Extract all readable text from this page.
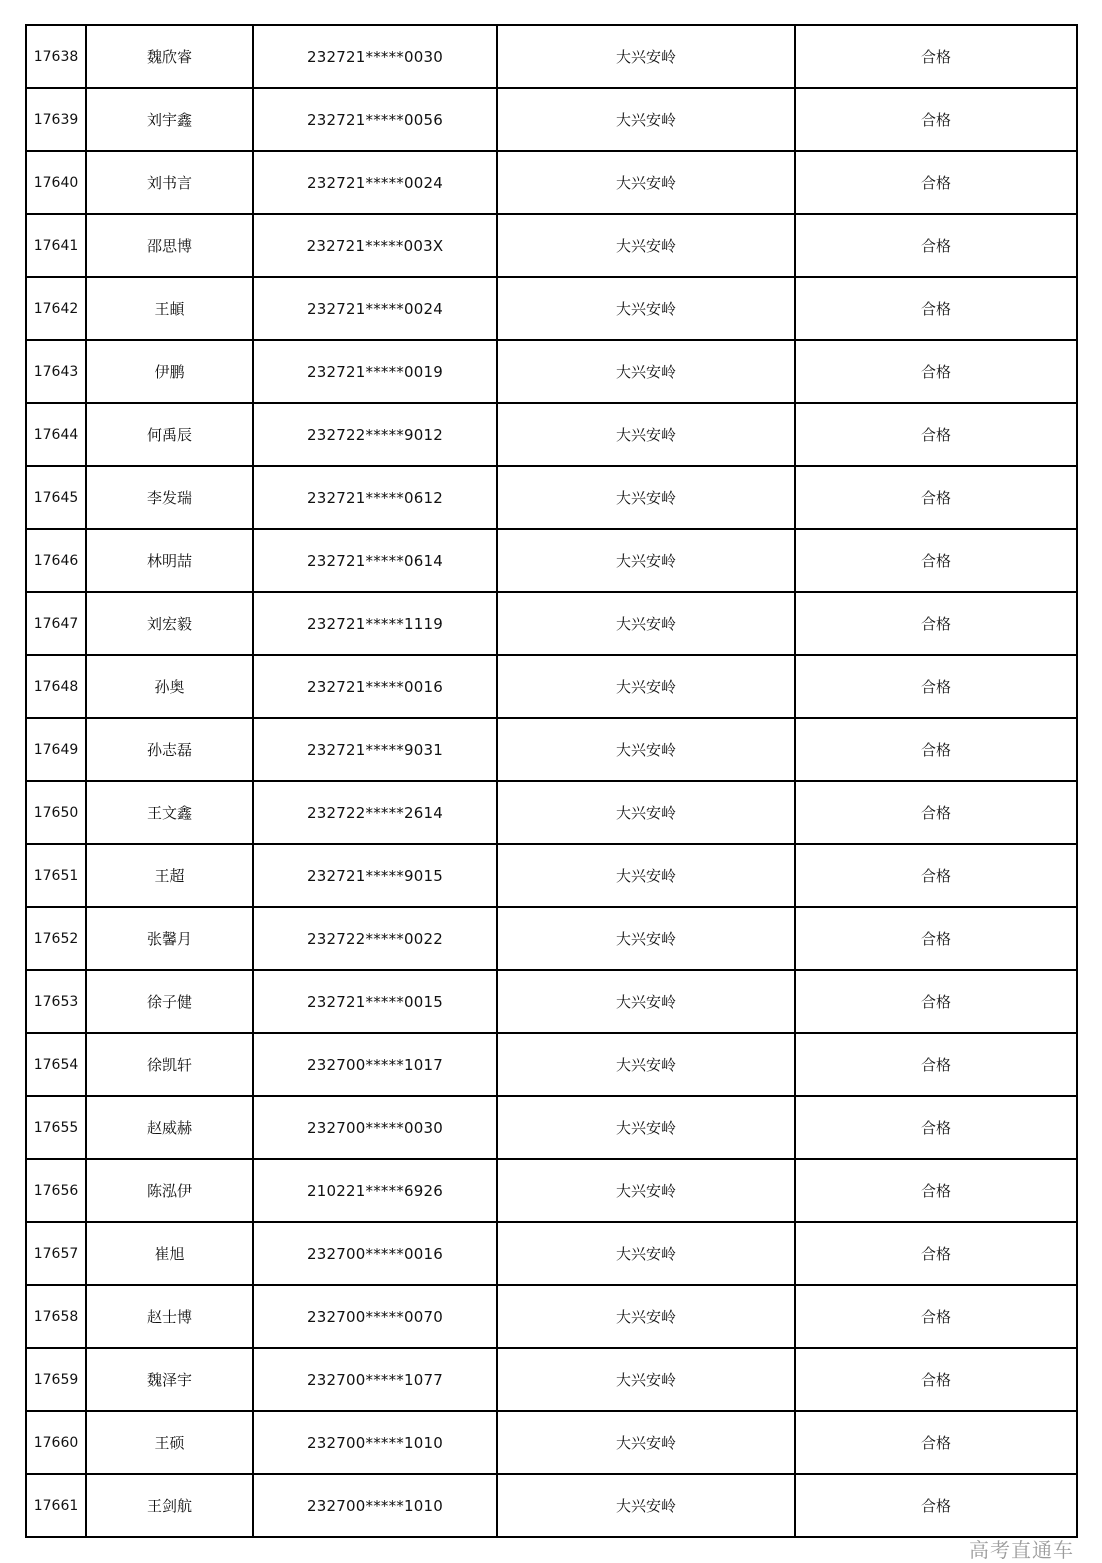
17638	魏欣睿	232721*****0030	大兴安岭	合格
17639	刘宇鑫	232721*****0056	大兴安岭	合格
17640	刘书言	232721*****0024	大兴安岭	合格
17641	邵思博	232721*****003X	大兴安岭	合格
17642	王頔	232721*****0024	大兴安岭	合格
17643	伊鹏	232721*****0019	大兴安岭	合格
17644	何禹辰	232722*****9012	大兴安岭	合格
17645	李发瑞	232721*****0612	大兴安岭	合格
17646	林明喆	232721*****0614	大兴安岭	合格
17647	刘宏毅	232721*****1119	大兴安岭	合格
17648	孙奥	232721*****0016	大兴安岭	合格
17649	孙志磊	232721*****9031	大兴安岭	合格
17650	王文鑫	232722*****2614	大兴安岭	合格
17651	王超	232721*****9015	大兴安岭	合格
17652	张馨月	232722*****0022	大兴安岭	合格
17653	徐子健	232721*****0015	大兴安岭	合格
17654	徐凯轩	232700*****1017	大兴安岭	合格
17655	赵威赫	232700*****0030	大兴安岭	合格
17656	陈泓伊	210221*****6926	大兴安岭	合格
17657	崔旭	232700*****0016	大兴安岭	合格
17658	赵士博	232700*****0070	大兴安岭	合格
17659	魏泽宇	232700*****1077	大兴安岭	合格
17660	王硕	232700*****1010	大兴安岭	合格
17661	王剑航	232700*****1010	大兴安岭	合格
高考直通车
